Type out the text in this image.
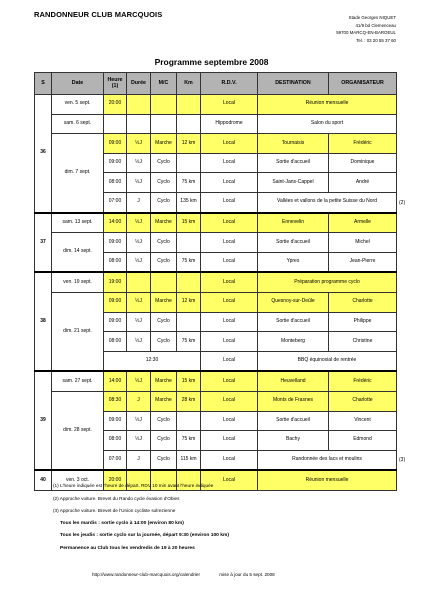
RANDONNEUR CLUB MARCQUOIS	Stade Georges NIQUET
41/9 bd Clemenceau
59700 MARCQ-EN-BAROEUL
Tel. : 03 20 55 37 60
Programme septembre 2008
S	Date	Heure (1)	Durée	M/C	Km	R.D.V.	DESTINATION	ORGANISATEUR
36	ven. 5 sept.	20:00				Local	Réunion mensuelle	
	sam. 6 sept.					Hippodrome	Salon du sport	
	dim. 7 sept.	09:00	½J	Marche	12 km	Local	Tournaisis	Frédéric
		09:00	½J	Cyclo		Local	Sortie d'accueil	Dominique
		08:00	½J	Cyclo	75 km	Local	Saint-Jans-Cappel	André
		07:00	J	Cyclo	135 km	Local	Vallées et vallons de la petite Suisse du Nord	
37	sam. 13 sept.	14:00	½J	Marche	15 km	Local	Ennevelin	Armelle
	dim. 14 sept.	09:00	½J	Cyclo		Local	Sortie d'accueil	Michel
		08:00	½J	Cyclo	75 km	Local	Ypres	Jean-Pierre
38	ven. 19 sept.	19:00				Local	Préparation programme cyclo	
	dim. 21 sept.	09:00	½J	Marche	12 km	Local	Quesnoy-sur-Deûle	Charlotte
		09:00	½J	Cyclo		Local	Sortie d'accueil	Philippe
		08:00	½J	Cyclo	75 km	Local	Monteberg	Christine
		12:30				Local	BBQ équinoxial de rentrée	
39	sam. 27 sept.	14:00	½J	Marche	15 km	Local	Heuvelland	Frédéric
	dim. 28 sept.	08:30	J	Marche	28 km	Local	Monts de Frasnes	Charlotte
		09:00	½J	Cyclo		Local	Sortie d'accueil	Vincent
		08:00	½J	Cyclo	75 km	Local	Bachy	Edmond
		07:00	J	Cyclo	115 km	Local	Randonnée des lacs et moulins	
40	ven. 3 oct.	20:00				Local	Réunion mensuelle	
(2)
(3)
(1) L'heure indiquée est l'heure de départ. RDV 10 min avant l'heure indiquée
(2) Approche voiture. Brevet du Rando cycle évasion d'Obies
(3) Approche voiture. Brevet de l'Union cycliste solrezienne
Tous les mardis : sortie cyclo à 14:00 (environ 80 km)
Tous les jeudis : sortie cyclo sur la journée, départ 9:30 (environ 100 km)
Permanence au Club tous les vendredis de 19 à 20 heures
http://www.randonneur-club-marcquois.org/calendrier	mise à jour du 5 sept. 2008
